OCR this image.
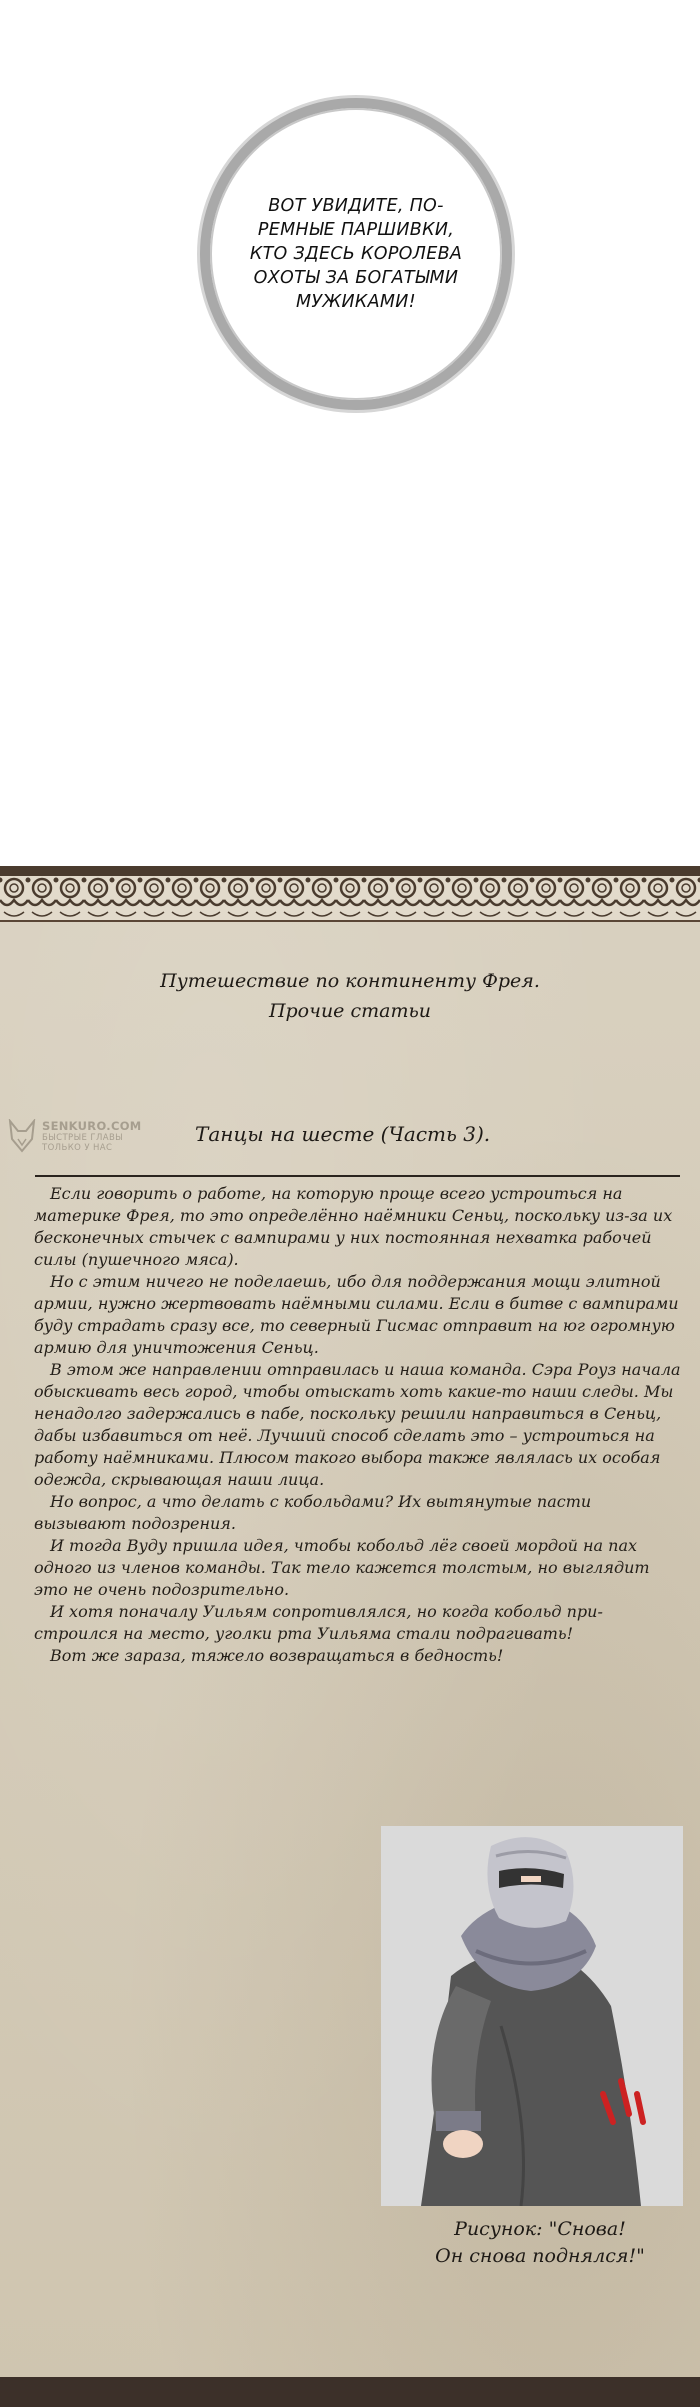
ВОТ УВИДИТЕ, ПО-
РЕМНЫЕ ПАРШИВКИ,
КТО ЗДЕСЬ КОРОЛЕВА
ОХОТЫ ЗА БОГАТЫМИ
МУЖИКАМИ!
Путешествие по континенту Фрея.
Прочие статьи
SENKURO.COM
БЫСТРЫЕ ГЛАВЫ
ТОЛЬКО У НАС
Танцы на шесте (Часть 3).

Если говорить о работе, на которую проще всего устроиться на материке Фрея, то это определённо наёмники Сеньц, поскольку из-за их бесконечных стычек с вампирами у них постоянная нехватка рабочей силы (пушечного мяса).

Но с этим ничего не поделаешь, ибо для поддержания мощи элитной армии, нужно жертвовать наёмными силами. Если в битве с вампирами буду страдать сразу все, то северный Гисмас отправит на юг огромную армию для уничтожения Сеньц.

В этом же направлении отправилась и наша команда. Сэра Роуз начала обыскивать весь город, чтобы отыскать хоть какие-то наши следы. Мы ненадолго задержались в пабе, поскольку решили направиться в Сеньц, дабы избавиться от неё. Лучший способ сделать это – устроиться на работу наёмниками. Плюсом такого выбора также являлась их особая одежда, скрывающая наши лица.

Но вопрос, а что делать с кобольдами? Их вытянутые пасти вызывают подозрения.

И тогда Вуду пришла идея, чтобы кобольд лёг своей мордой на пах одного из членов команды. Так тело кажется толстым, но выглядит это не очень подозрительно.

И хотя поначалу Уильям сопротивлялся, но когда кобольд при-строился на место, уголки рта Уильяма стали подрагивать!

Вот же зараза, тяжело возвращаться в бедность!

Рисунок: "Снова!
Он снова поднялся!"
